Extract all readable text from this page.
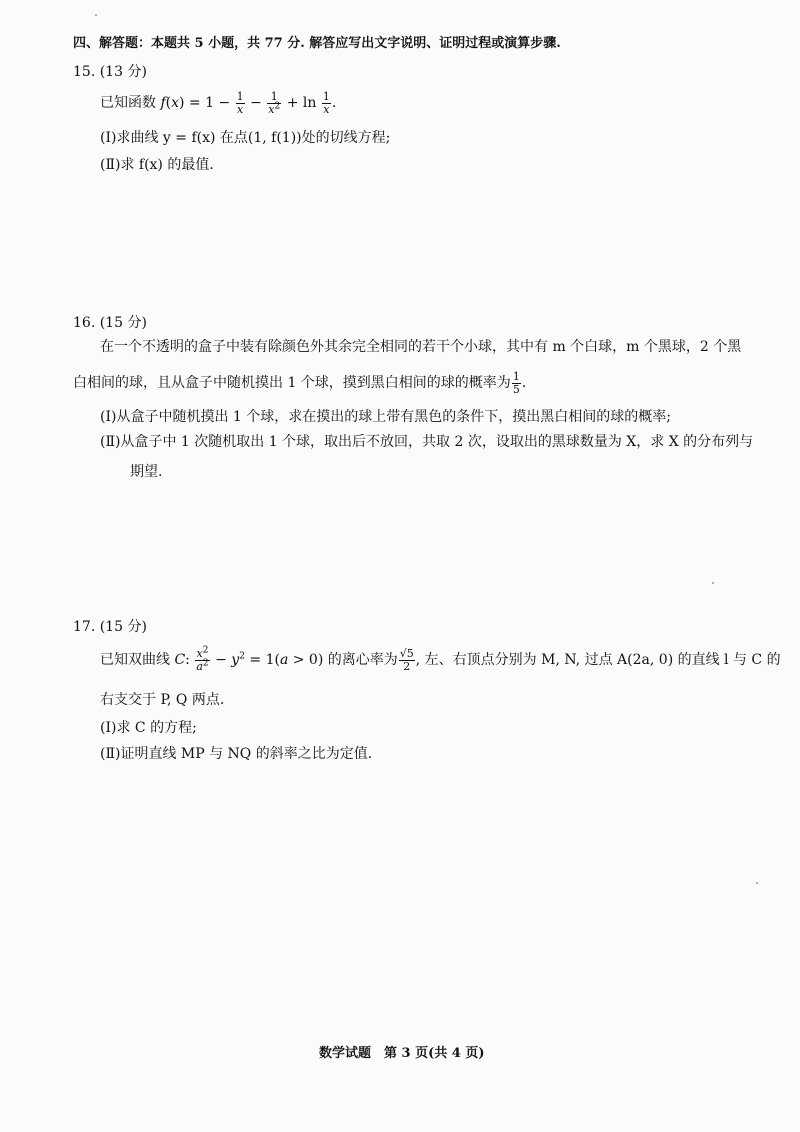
四、解答题：本题共 5 小题，共 77 分. 解答应写出文字说明、证明过程或演算步骤.
15. (13 分)
已知函数 $f(x) = 1 - \frac{1}{x} - \frac{1}{x^2} + \ln \frac{1}{x}$ .
(Ⅰ)求曲线 y = f(x) 在点(1, f(1))处的切线方程;
(Ⅱ)求 f(x) 的最值.
16. (15 分)
在一个不透明的盒子中装有除颜色外其余完全相同的若干个小球，其中有 m 个白球，m 个黑球，2 个黑
白相间的球，且从盒子中随机摸出 1 个球，摸到黑白相间的球的概率为 $\frac{1}{5}$ .
(Ⅰ)从盒子中随机摸出 1 个球，求在摸出的球上带有黑色的条件下，摸出黑白相间的球的概率;
(Ⅱ)从盒子中 1 次随机取出 1 个球，取出后不放回，共取 2 次，设取出的黑球数量为 X，求 X 的分布列与
期望.
17. (15 分)
已知双曲线 C: $\frac{x^2}{a^2} - y^2 = 1(a > 0)$ 的离心率为 $\frac{√5}{2}$ , 左、右顶点分别为 M, N, 过点 A(2a, 0) 的直线 l 与 C 的
右支交于 P, Q 两点.
(Ⅰ)求 C 的方程;
(Ⅱ)证明直线 MP 与 NQ 的斜率之比为定值.
数学试题　第 3 页(共 4 页)
